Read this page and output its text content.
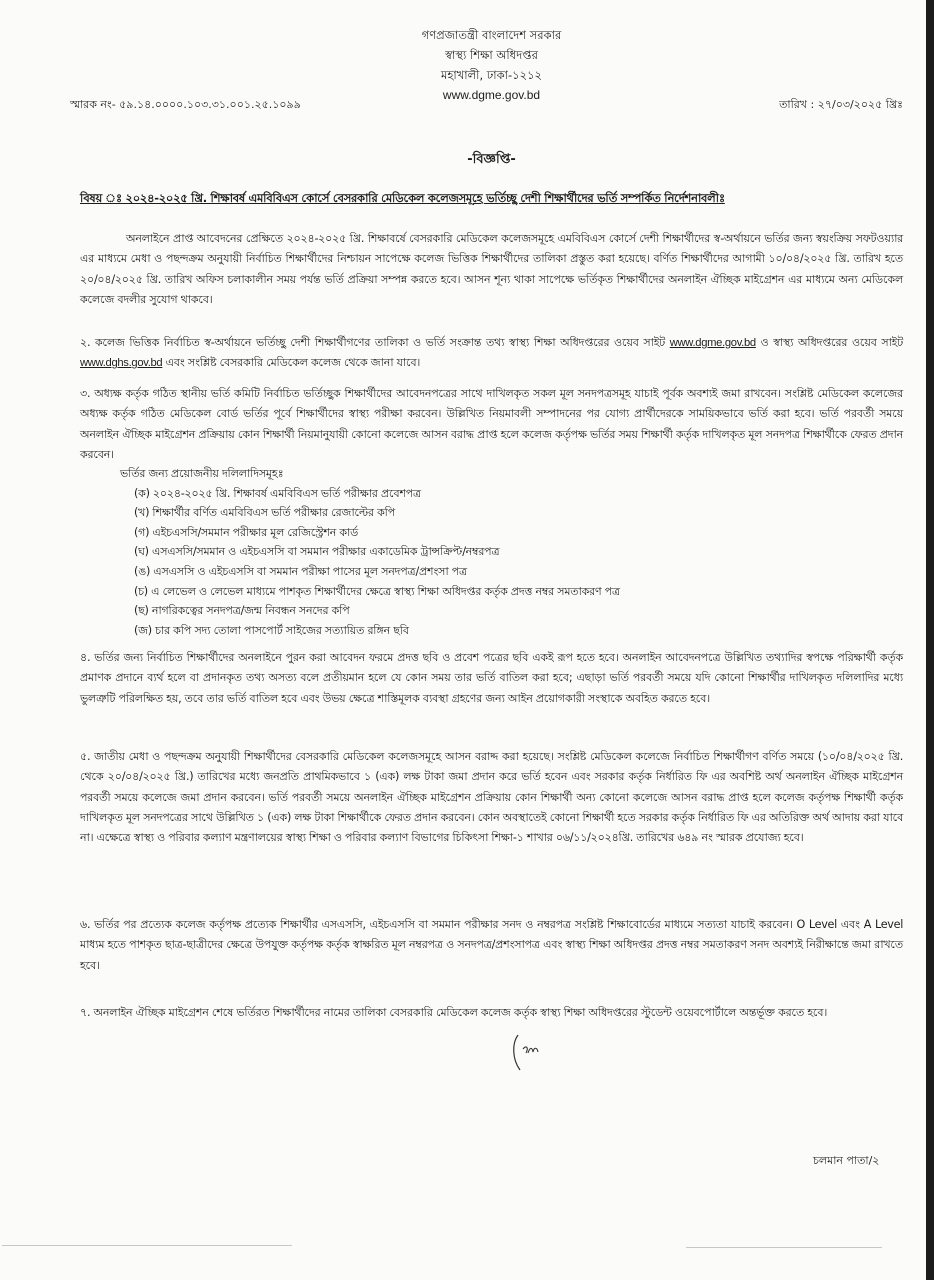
গণপ্রজাতন্ত্রী বাংলাদেশ সরকার
স্বাস্থ্য শিক্ষা অধিদপ্তর
মহাখালী, ঢাকা-১২১২
www.dgme.gov.bd
স্মারক নং- ৫৯.১৪.০০০০.১০৩.৩১.০০১.২৫.১০৯৯	তারিখ : ২৭/০৩/২০২৫ খ্রিঃ
-বিজ্ঞপ্তি-
বিষয় ঃ ২০২৪-২০২৫ খ্রি. শিক্ষাবর্ষ এমবিবিএস কোর্সে বেসরকারি মেডিকেল কলেজসমূহে ভর্তিচ্ছু দেশী শিক্ষার্থীদের ভর্তি সম্পর্কিত নির্দেশনাবলীঃ
অনলাইনে প্রাপ্ত আবেদনের প্রেক্ষিতে ২০২৪-২০২৫ খ্রি. শিক্ষাবর্ষে বেসরকারি মেডিকেল কলেজসমূহে এমবিবিএস কোর্সে দেশী শিক্ষার্থীদের স্ব-অর্থায়নে ভর্তির জন্য স্বয়ংক্রিয় সফটওয়্যার এর মাধ্যমে মেধা ও পছন্দক্রম অনুযায়ী নির্বাচিত শিক্ষার্থীদের নিশ্চায়ন সাপেক্ষে কলেজ ভিত্তিক শিক্ষার্থীদের তালিকা প্রস্তুত করা হয়েছে। বর্ণিত শিক্ষার্থীদের আগামী ১০/০৪/২০২৫ খ্রি. তারিখ হতে ২০/০৪/২০২৫ খ্রি. তারিখ অফিস চলাকালীন সময় পর্যন্ত ভর্তি প্রক্রিয়া সম্পন্ন করতে হবে। আসন শূন্য থাকা সাপেক্ষে ভর্তিকৃত শিক্ষার্থীদের অনলাইন ঐচ্ছিক মাইগ্রেশন এর মাধ্যমে অন্য মেডিকেল কলেজে বদলীর সুযোগ থাকবে।
২. কলেজ ভিত্তিক নির্বাচিত স্ব-অর্থায়নে ভর্তিচ্ছু দেশী শিক্ষার্থীগণের তালিকা ও ভর্তি সংক্রান্ত তথ্য স্বাস্থ্য শিক্ষা অধিদপ্তরের ওয়েব সাইট www.dgme.gov.bd ও স্বাস্থ্য অধিদপ্তরের ওয়েব সাইট www.dghs.gov.bd এবং সংশ্লিষ্ট বেসরকারি মেডিকেল কলেজ থেকে জানা যাবে।
৩. অধ্যক্ষ কর্তৃক গঠিত স্থানীয় ভর্তি কমিটি নির্বাচিত ভর্তিচ্ছুক শিক্ষার্থীদের আবেদনপত্রের সাথে দাখিলকৃত সকল মূল সনদপত্রসমূহ যাচাই পূর্বক অবশ্যই জমা রাখবেন। সংশ্লিষ্ট মেডিকেল কলেজের অধ্যক্ষ কর্তৃক গঠিত মেডিকেল বোর্ড ভর্তির পূর্বে শিক্ষার্থীদের স্বাস্থ্য পরীক্ষা করবেন। উল্লিখিত নিয়মাবলী সম্পাদনের পর যোগ্য প্রার্থীদেরকে সাময়িকভাবে ভর্তি করা হবে। ভর্তি পরবর্তী সময়ে অনলাইন ঐচ্ছিক মাইগ্রেশন প্রক্রিয়ায় কোন শিক্ষার্থী নিয়মানুযায়ী কোনো কলেজে আসন বরাদ্ধ প্রাপ্ত হলে কলেজ কর্তৃপক্ষ ভর্তির সময় শিক্ষার্থী কর্তৃক দাখিলকৃত মূল সনদপত্র শিক্ষার্থীকে ফেরত প্রদান করবেন।
ভর্তির জন্য প্রয়োজনীয় দলিলাদিসমূহঃ
(ক) ২০২৪-২০২৫ খ্রি. শিক্ষাবর্ষ এমবিবিএস ভর্তি পরীক্ষার প্রবেশপত্র
(খ) শিক্ষার্থীর বর্ণিত এমবিবিএস ভর্তি পরীক্ষার রেজাল্টের কপি
(গ) এইচএসসি/সমমান পরীক্ষার মূল রেজিস্ট্রেশন কার্ড
(ঘ) এসএসসি/সমমান ও এইচএসসি বা সমমান পরীক্ষার একাডেমিক ট্রান্সক্রিপ্ট/নম্বরপত্র
(ঙ) এসএসসি ও এইচএসসি বা সমমান পরীক্ষা পাসের মূল সনদপত্র/প্রশংসা পত্র
(চ) এ লেভেল ও লেভেল মাধ্যমে পাশকৃত শিক্ষার্থীদের ক্ষেত্রে স্বাস্থ্য শিক্ষা অধিদপ্তর কর্তৃক প্রদত্ত নম্বর সমতাকরণ পত্র
(ছ) নাগরিকত্বের সনদপত্র/জন্ম নিবন্ধন সনদের কপি
(জ) চার কপি সদ্য তোলা পাসপোর্ট সাইজের সত্যায়িত রঙ্গিন ছবি
৪. ভর্তির জন্য নির্বাচিত শিক্ষার্থীদের অনলাইনে পুরন করা আবেদন ফরমে প্রদত্ত ছবি ও প্রবেশ পত্রের ছবি একই রূপ হতে হবে। অনলাইন আবেদনপত্রে উল্লিখিত তথ্যাদির স্বপক্ষে পরিক্ষার্থী কর্তৃক প্রমাণক প্রদানে ব্যর্থ হলে বা প্রদানকৃত তথ্য অসত্য বলে প্রতীয়মান হলে যে কোন সময় তার ভর্তি বাতিল করা হবে; এছাড়া ভর্তি পরবর্তী সময়ে যদি কোনো শিক্ষার্থীর দাখিলকৃত দলিলাদির মধ্যে ভুলত্রুটি পরিলক্ষিত হয়, তবে তার ভর্তি বাতিল হবে এবং উভয় ক্ষেত্রে শাস্তিমূলক ব্যবস্থা গ্রহণের জন্য আইন প্রয়োগকারী সংস্থাকে অবহিত করতে হবে।
৫. জাতীয় মেধা ও পছন্দক্রম অনুযায়ী শিক্ষার্থীদের বেসরকারি মেডিকেল কলেজসমূহে আসন বরাদ্দ করা হয়েছে। সংশ্লিষ্ট মেডিকেল কলেজে নির্বাচিত শিক্ষার্থীগণ বর্ণিত সময়ে (১০/০৪/২০২৫ খ্রি. থেকে ২০/০৪/২০২৫ খ্রি.) তারিখের মধ্যে জনপ্রতি প্রাথমিকভাবে ১ (এক) লক্ষ টাকা জমা প্রদান করে ভর্তি হবেন এবং সরকার কর্তৃক নির্ধারিত ফি এর অবশিষ্ট অর্থ অনলাইন ঐচ্ছিক মাইগ্রেশন পরবর্তী সময়ে কলেজে জমা প্রদান করবেন। ভর্তি পরবর্তী সময়ে অনলাইন ঐচ্ছিক মাইগ্রেশন প্রক্রিয়ায় কোন শিক্ষার্থী অন্য কোনো কলেজে আসন বরাদ্ধ প্রাপ্ত হলে কলেজ কর্তৃপক্ষ শিক্ষার্থী কর্তৃক দাখিলকৃত মূল সনদপত্রের সাথে উল্লিখিত ১ (এক) লক্ষ টাকা শিক্ষার্থীকে ফেরত প্রদান করবেন। কোন অবস্থাতেই কোনো শিক্ষার্থী হতে সরকার কর্তৃক নির্ধারিত ফি এর অতিরিক্ত অর্থ আদায় করা যাবে না। এক্ষেত্রে স্বাস্থ্য ও পরিবার কল্যাণ মন্ত্রণালয়ের স্বাস্থ্য শিক্ষা ও পরিবার কল্যাণ বিভাগের চিকিৎসা শিক্ষা-১ শাখার ০৬/১১/২০২৪খ্রি. তারিখের ৬৪৯ নং স্মারক প্রযোজ্য হবে।
৬. ভর্তির পর প্রত্যেক কলেজ কর্তৃপক্ষ প্রত্যেক শিক্ষার্থীর এসএসসি, এইচএসসি বা সমমান পরীক্ষার সনদ ও নম্বরপত্র সংশ্লিষ্ট শিক্ষাবোর্ডের মাধ্যমে সত্যতা যাচাই করবেন। O Level এবং A Level মাধ্যম হতে পাশকৃত ছাত্র-ছাত্রীদের ক্ষেত্রে উপযুক্ত কর্তৃপক্ষ কর্তৃক স্বাক্ষরিত মূল নম্বরপত্র ও সনদপত্র/প্রশংসাপত্র এবং স্বাস্থ্য শিক্ষা অধিদপ্তর প্রদত্ত নম্বর সমতাকরণ সনদ অবশ্যই নিরীক্ষান্তে জমা রাখতে হবে।
৭. অনলাইন ঐচ্ছিক মাইগ্রেশন শেষে ভর্তিরত শিক্ষার্থীদের নামের তালিকা বেসরকারি মেডিকেল কলেজ কর্তৃক স্বাস্থ্য শিক্ষা অধিদপ্তরের স্টুডেন্ট ওয়েবপোর্টালে অন্তর্ভূক্ত করতে হবে।
চলমান পাতা/২
